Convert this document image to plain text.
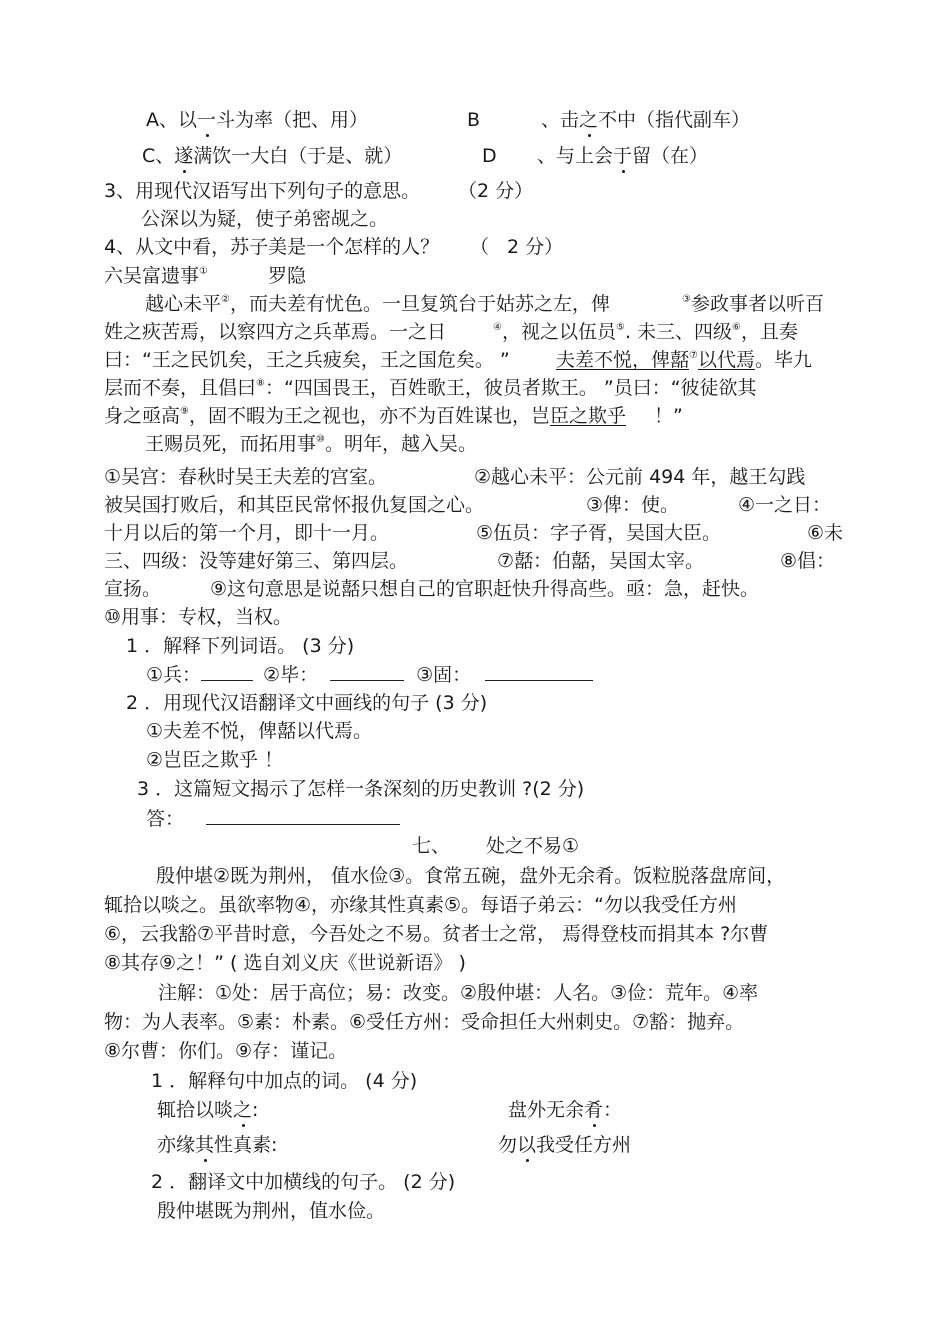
A、以一斗为率（把、用）	B	、击之不中（指代副车）
C、遂满饮一大白（于是、就）	D 、与上会于留（在）
3、用现代汉语写出下列句子的意思。 （2 分）
公深以为疑，使子弟密觇之。
4、从文中看，苏子美是一个怎样的人？ （ 2 分）
六吴富遗事①	罗隐
越心未平②，而夫差有忧色。一旦复筑台于姑苏之左，俾	③参政事者以听百
姓之疢苦焉，以察四方之兵革焉。一之日	④，视之以伍员⑤. 未三、四级⑥，且奏
曰：“王之民饥矣，王之兵疲矣，王之国危矣。 ” 夫差不悦，俾嚭⑦以代焉。毕九
层而不奏，且倡曰⑧：“四国畏王，百姓歌王，彼员者欺王。 ”员曰：“彼徒欲其
身之亟高⑨，固不暇为王之视也，亦不为百姓谋也，岂臣之欺乎 ！”
王赐员死，而拓用事⑩。明年，越入吴。
①吴宫：春秋时吴王夫差的宫室。	②越心未平：公元前 494 年，越王勾践
被吴国打败后，和其臣民常怀报仇复国之心。	③俾：使。	④一之日：
十月以后的第一个月，即十一月。	⑤伍员：字子胥，吴国大臣。	⑥未
三、四级：没等建好第三、第四层。	⑦嚭：伯嚭，吴国太宰。	⑧倡：
宣扬。	⑨这句意思是说嚭只想自己的官职赶快升得高些。亟：急，赶快。
⑩用事：专权，当权。
1 ．解释下列词语。 (3 分)
①兵：	②毕：	③固：
2 ．用现代汉语翻译文中画线的句子 (3 分)
①夫差不悦，俾嚭以代焉。
②岂臣之欺乎 ！
3 ．这篇短文揭示了怎样一条深刻的历史教训 ?(2 分)
答：
七、 处之不易①
殷仲堪②既为荆州， 值水俭③。食常五碗，盘外无余肴。饭粒脱落盘席间，
辄拾以啖之。虽欲率物④，亦缘其性真素⑤。每语子弟云：“勿以我受任方州
⑥，云我豁⑦平昔时意，今吾处之不易。贫者士之常， 焉得登枝而捐其本 ?尔曹
⑧其存⑨之！” ( 选自刘义庆《世说新语》 )
注解：①处：居于高位；易：改变。②殷仲堪：人名。③俭：荒年。④率
物：为人表率。⑤素：朴素。⑥受任方州：受命担任大州刺史。⑦豁：抛弃。
⑧尔曹：你们。⑨存：谨记。
1 ．解释句中加点的词。 (4 分)
辄拾以啖之:	盘外无余肴：
亦缘其性真素:	勿以我受任方州
2 ．翻译文中加横线的句子。 (2 分)
殷仲堪既为荆州，值水俭。
